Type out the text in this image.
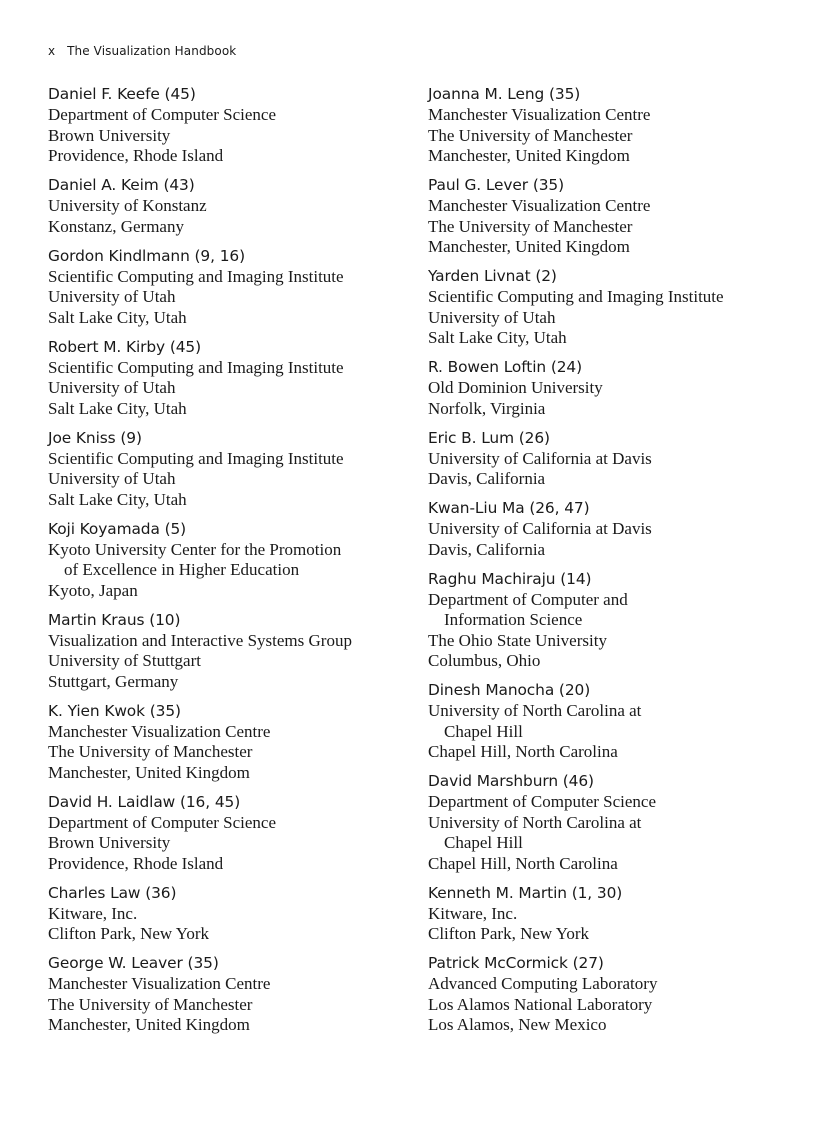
x The Visualization Handbook
Daniel F. Keefe (45)
Department of Computer Science
Brown University
Providence, Rhode Island
Daniel A. Keim (43)
University of Konstanz
Konstanz, Germany
Gordon Kindlmann (9, 16)
Scientific Computing and Imaging Institute
University of Utah
Salt Lake City, Utah
Robert M. Kirby (45)
Scientific Computing and Imaging Institute
University of Utah
Salt Lake City, Utah
Joe Kniss (9)
Scientific Computing and Imaging Institute
University of Utah
Salt Lake City, Utah
Koji Koyamada (5)
Kyoto University Center for the Promotion
of Excellence in Higher Education
Kyoto, Japan
Martin Kraus (10)
Visualization and Interactive Systems Group
University of Stuttgart
Stuttgart, Germany
K. Yien Kwok (35)
Manchester Visualization Centre
The University of Manchester
Manchester, United Kingdom
David H. Laidlaw (16, 45)
Department of Computer Science
Brown University
Providence, Rhode Island
Charles Law (36)
Kitware, Inc.
Clifton Park, New York
George W. Leaver (35)
Manchester Visualization Centre
The University of Manchester
Manchester, United Kingdom
Joanna M. Leng (35)
Manchester Visualization Centre
The University of Manchester
Manchester, United Kingdom
Paul G. Lever (35)
Manchester Visualization Centre
The University of Manchester
Manchester, United Kingdom
Yarden Livnat (2)
Scientific Computing and Imaging Institute
University of Utah
Salt Lake City, Utah
R. Bowen Loftin (24)
Old Dominion University
Norfolk, Virginia
Eric B. Lum (26)
University of California at Davis
Davis, California
Kwan-Liu Ma (26, 47)
University of California at Davis
Davis, California
Raghu Machiraju (14)
Department of Computer and
Information Science
The Ohio State University
Columbus, Ohio
Dinesh Manocha (20)
University of North Carolina at
Chapel Hill
Chapel Hill, North Carolina
David Marshburn (46)
Department of Computer Science
University of North Carolina at
Chapel Hill
Chapel Hill, North Carolina
Kenneth M. Martin (1, 30)
Kitware, Inc.
Clifton Park, New York
Patrick McCormick (27)
Advanced Computing Laboratory
Los Alamos National Laboratory
Los Alamos, New Mexico
